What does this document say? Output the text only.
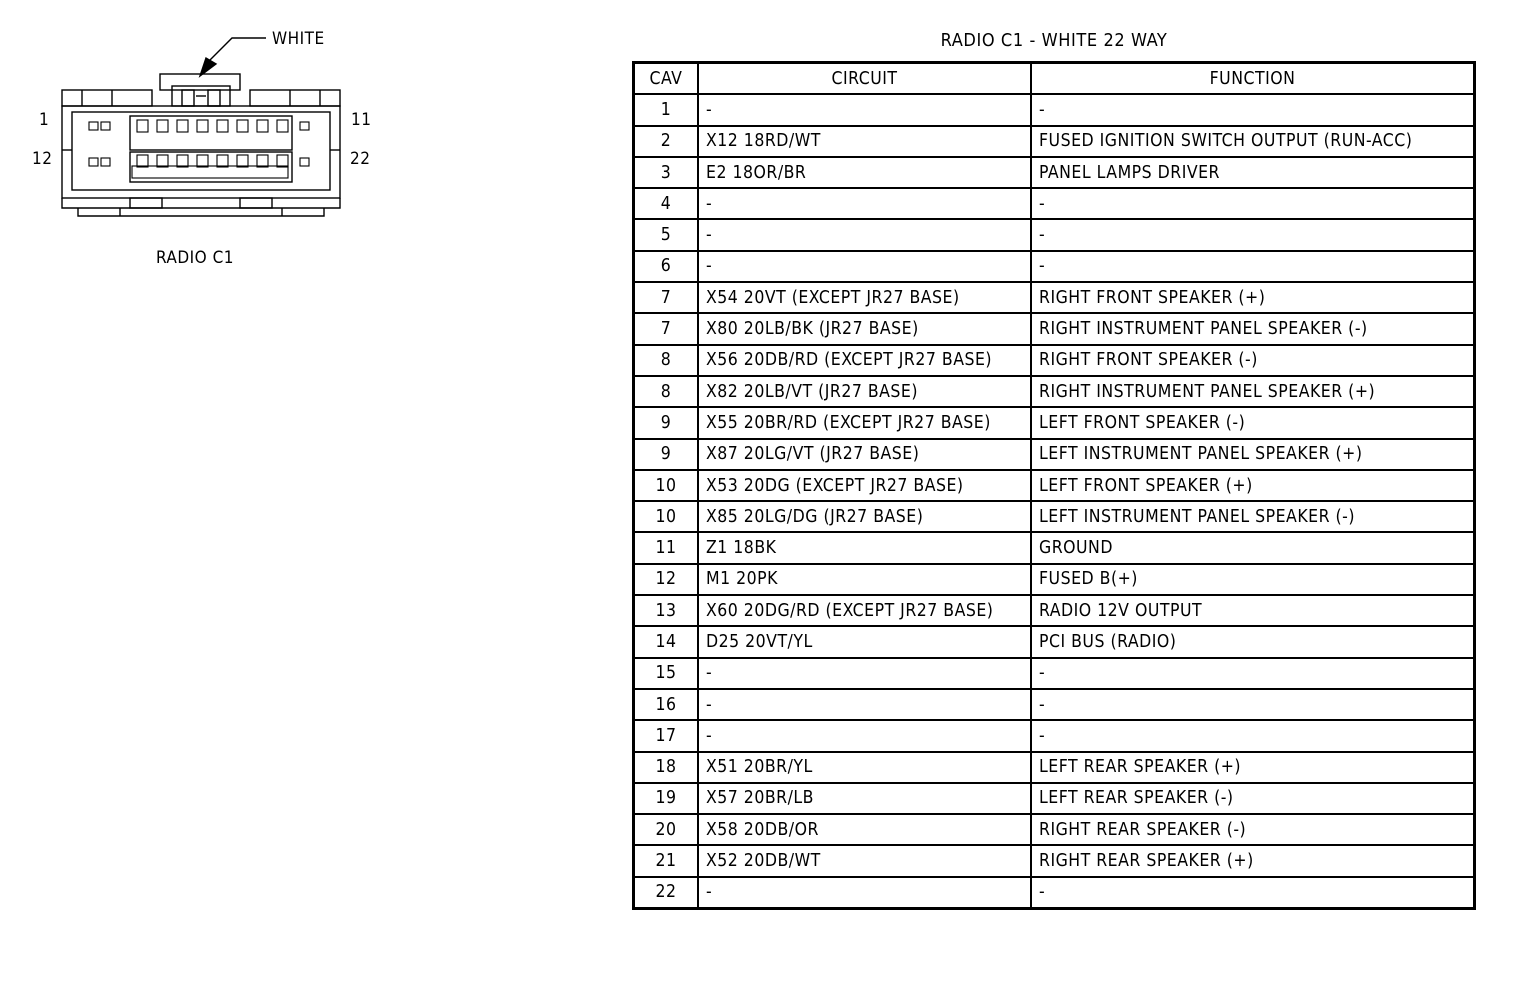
WHITE
1
12
11
22
RADIO C1
RADIO C1 - WHITE 22 WAY
CAV	CIRCUIT	FUNCTION
1	-	-
2	X12 18RD/WT	FUSED IGNITION SWITCH OUTPUT (RUN-ACC)
3	E2 18OR/BR	PANEL LAMPS DRIVER
4	-	-
5	-	-
6	-	-
7	X54 20VT (EXCEPT JR27 BASE)	RIGHT FRONT SPEAKER (+)
7	X80 20LB/BK (JR27 BASE)	RIGHT INSTRUMENT PANEL SPEAKER (-)
8	X56 20DB/RD (EXCEPT JR27 BASE)	RIGHT FRONT SPEAKER (-)
8	X82 20LB/VT (JR27 BASE)	RIGHT INSTRUMENT PANEL SPEAKER (+)
9	X55 20BR/RD (EXCEPT JR27 BASE)	LEFT FRONT SPEAKER (-)
9	X87 20LG/VT (JR27 BASE)	LEFT INSTRUMENT PANEL SPEAKER (+)
10	X53 20DG (EXCEPT JR27 BASE)	LEFT FRONT SPEAKER (+)
10	X85 20LG/DG (JR27 BASE)	LEFT INSTRUMENT PANEL SPEAKER (-)
11	Z1 18BK	GROUND
12	M1 20PK	FUSED B(+)
13	X60 20DG/RD (EXCEPT JR27 BASE)	RADIO 12V OUTPUT
14	D25 20VT/YL	PCI BUS (RADIO)
15	-	-
16	-	-
17	-	-
18	X51 20BR/YL	LEFT REAR SPEAKER (+)
19	X57 20BR/LB	LEFT REAR SPEAKER (-)
20	X58 20DB/OR	RIGHT REAR SPEAKER (-)
21	X52 20DB/WT	RIGHT REAR SPEAKER (+)
22	-	-
